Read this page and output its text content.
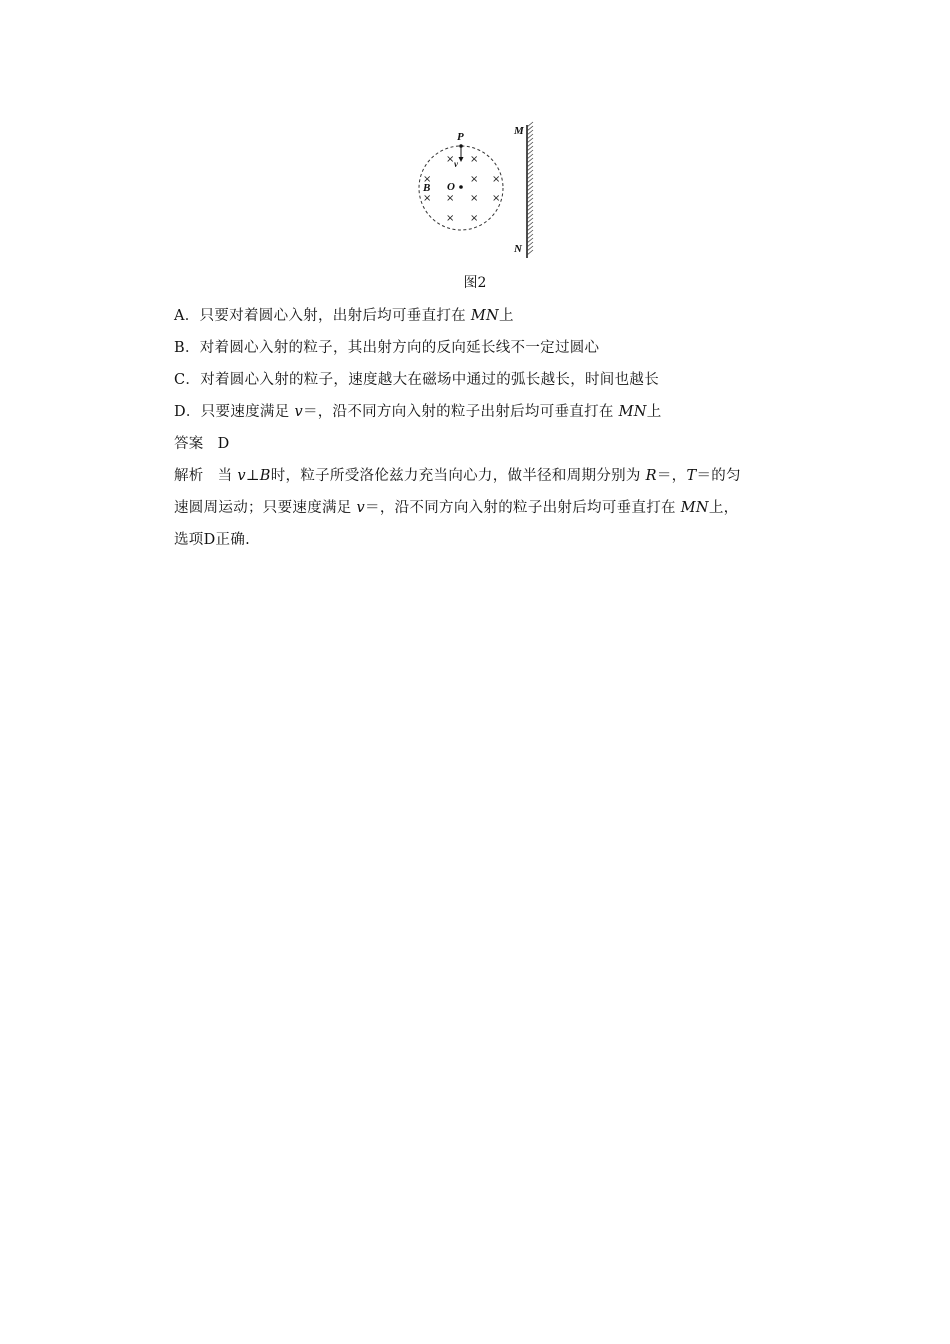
P
v
O
B
× ×
×	× ×
× × × ×
× ×
M
N
图2
A．只要对着圆心入射，出射后均可垂直打在 MN上
B．对着圆心入射的粒子，其出射方向的反向延长线不一定过圆心
C．对着圆心入射的粒子，速度越大在磁场中通过的弧长越长，时间也越长
D．只要速度满足 v＝，沿不同方向入射的粒子出射后均可垂直打在 MN上
答案 D
解析 当 v⊥B时，粒子所受洛伦兹力充当向心力，做半径和周期分别为 R＝，T＝的匀
速圆周运动；只要速度满足 v＝，沿不同方向入射的粒子出射后均可垂直打在 MN上，
选项D正确.
